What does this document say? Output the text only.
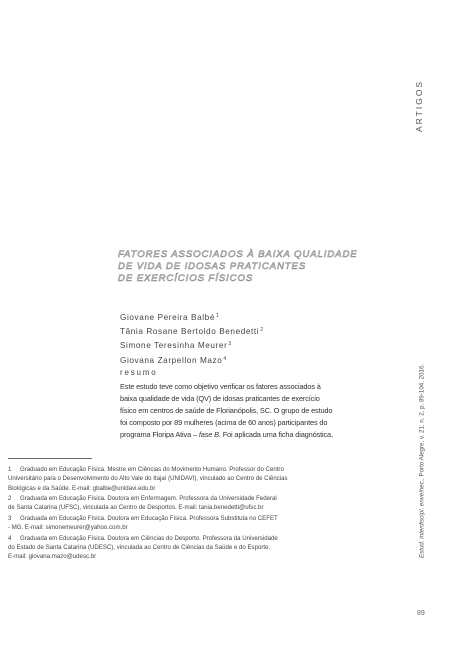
ARTIGOS
Estud. interdiscipl. envelhec.
, Porto Alegre, v. 21, n. 2, p. 89-104, 2016.
89
FATORES ASSOCIADOS À BAIXA QUALIDADE
DE VIDA DE IDOSAS PRATICANTES
DE EXERCÍCIOS FÍSICOS
Giovane Pereira Balbé$^1$
Tânia Rosane Bertoldo Benedetti$^2$
Simone Teresinha Meurer$^3$
Giovana Zarpellon Mazo$^4$
resumo
Este estudo teve como objetivo verificar os fatores associados à
baixa qualidade de vida (QV) de idosas praticantes de exercício
físico em centros de saúde de Florianópolis, SC. O grupo de estudo
foi composto por 89 mulheres (acima de 60 anos) participantes do
programa Floripa Ativa – fase B. Foi aplicada uma ficha diagnóstica,
1 Graduado em Educação Física. Mestre em Ciências do Movimento Humano. Professor do Centro
Universitário para o Desenvolvimento do Alto Vale do Itajaí (UNIDAVI), vinculado ao Centro de Ciências
Biológicas e da Saúde. E-mail: gbalbe@unidavi.edu.br
2 Graduada em Educação Física. Doutora em Enfermagem. Professora da Universidade Federal
de Santa Catarina (UFSC), vinculada ao Centro de Desportos. E-mail: tania.benedetti@ufsc.br
3 Graduada em Educação Física. Doutora em Educação Física. Professora Substituta no CEFET
- MG. E-mail: simonemeurer@yahoo.com.br
4 Graduada em Educação Física. Doutora em Ciências do Desporto. Professora da Universidade
do Estado de Santa Catarina (UDESC), vinculada ao Centro de Ciências da Saúde e do Esporte.
E-mail: giovana.mazo@udesc.br
